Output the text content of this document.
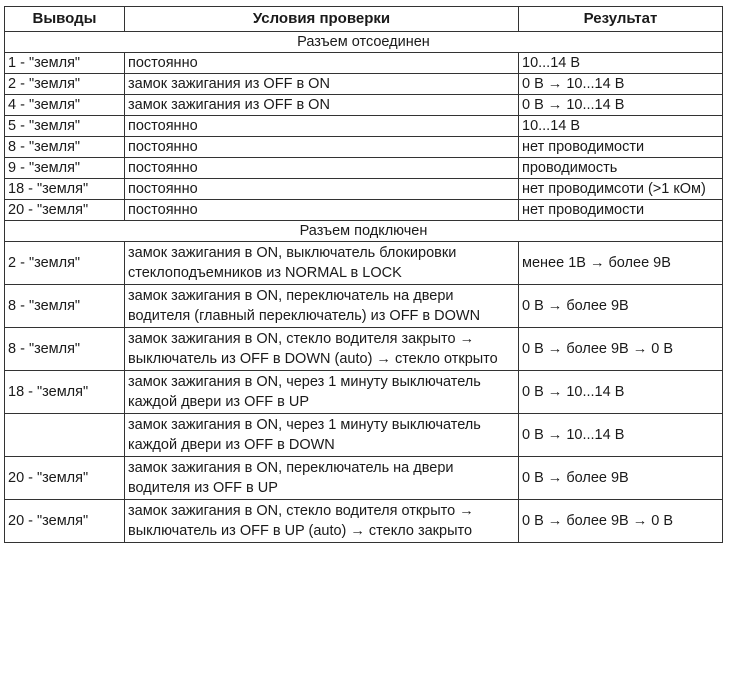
Выводы	Условия проверки	Результат
Разъем отсоединен		
1 - "земля"	постоянно	10...14 В
2 - "земля"	замок зажигания из OFF в ON	0 В → 10...14 В
4 - "земля"	замок зажигания из OFF в ON	0 В → 10...14 В
5 - "земля"	постоянно	10...14 В
8 - "земля"	постоянно	нет проводимости
9 - "земля"	постоянно	проводимость
18 - "земля"	постоянно	нет проводимсоти (>1 кОм)
20 - "земля"	постоянно	нет проводимости
Разъем подключен		
2 - "земля"	замок зажигания в ON, выключатель блокировки стеклоподъемников из NORMAL в LOCK	менее 1В → более 9В
8 - "земля"	замок зажигания в ON, переключатель на двери водителя (главный переключатель) из OFF в DOWN	0 В → более 9В
8 - "земля"	замок зажигания в ON, стекло водителя закрыто → выключатель из OFF в DOWN (auto) → стекло открыто	0 В → более 9В → 0 В
18 - "земля"	замок зажигания в ON, через 1 минуту выключатель каждой двери из OFF в UP	0 В → 10...14 В
	замок зажигания в ON, через 1 минуту выключатель каждой двери из OFF в DOWN	0 В → 10...14 В
20 - "земля"	замок зажигания в ON, переключатель на двери водителя из OFF в UP	0 В → более 9В
20 - "земля"	замок зажигания в ON, стекло водителя открыто → выключатель из OFF в UP (auto) → стекло закрыто	0 В → более 9В → 0 В
